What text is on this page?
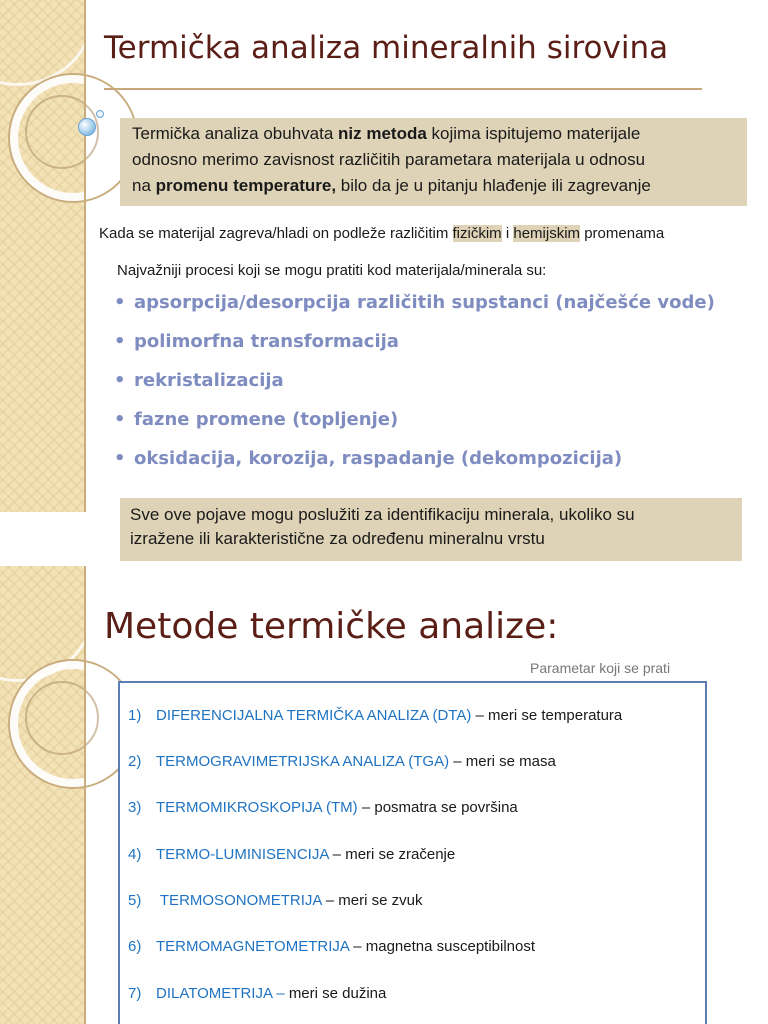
Termička analiza mineralnih sirovina
Termička analiza obuhvata niz metoda kojima ispitujemo materijale
odnosno merimo zavisnost različitih parametara materijala u odnosu
na promenu temperature, bilo da je u pitanju hlađenje ili zagrevanje
Kada se materijal zagreva/hladi on podleže različitim fizičkim i hemijskim promenama
Najvažniji procesi koji se mogu pratiti kod materijala/minerala su:
• apsorpcija/desorpcija različitih supstanci (najčešće vode)
• polimorfna transformacija
• rekristalizacija
• fazne promene (topljenje)
• oksidacija, korozija, raspadanje (dekompozicija)
Sve ove pojave mogu poslužiti za identifikaciju minerala, ukoliko su
izražene ili karakteristične za određenu mineralnu vrstu
Metode termičke analize:
Parametar koji se prati
1) DIFERENCIJALNA TERMIČKA ANALIZA (DTA) – meri se temperatura
2) TERMOGRAVIMETRIJSKA ANALIZA (TGA) – meri se masa
3) TERMOMIKROSKOPIJA (TM) – posmatra se površina
4) TERMO-LUMINISENCIJA – meri se zračenje
5) TERMOSONOMETRIJA – meri se zvuk
6) TERMOMAGNETOMETRIJA – magnetna susceptibilnost
7) DILATOMETRIJA – meri se dužina
